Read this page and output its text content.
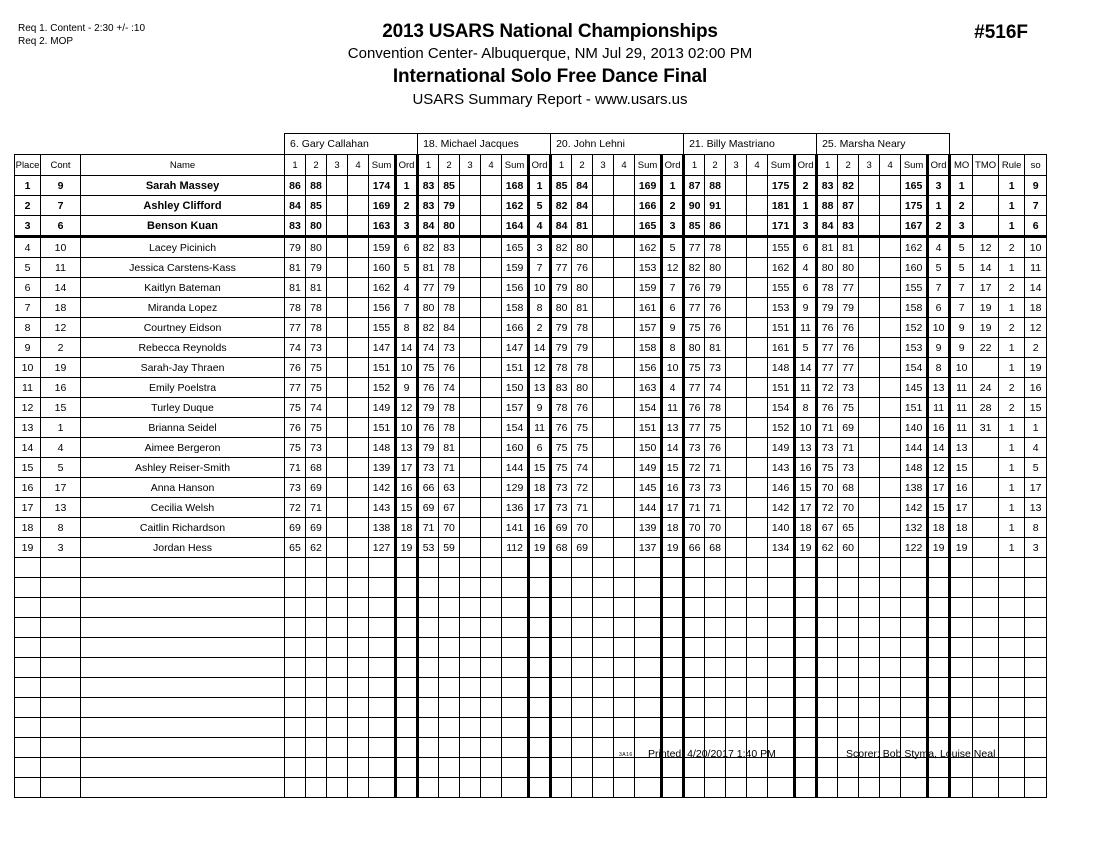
Req 1. Content - 2:30 +/- :10
Req 2. MOP	2013 USARS National Championships
Convention Center- Albuquerque, NM Jul 29, 2013 02:00 PM
International Solo Free Dance Final
USARS Summary Report - www.usars.us
#516F
			6. Gary Callahan						18. Michael Jacques						20. John Lehni						21. Billy Mastriano						25. Marsha Neary									
Place	Cont	Name	1	2	3	4	Sum	Ord	1	2	3	4	Sum	Ord	1	2	3	4	Sum	Ord	1	2	3	4	Sum	Ord	1	2	3	4	Sum	Ord	MO	TMO	Rule	so
1	9	Sarah Massey	86	88			174	1	83	85			168	1	85	84			169	1	87	88			175	2	83	82			165	3	1		1	9
2	7	Ashley Clifford	84	85			169	2	83	79			162	5	82	84			166	2	90	91			181	1	88	87			175	1	2		1	7
3	6	Benson Kuan	83	80			163	3	84	80			164	4	84	81			165	3	85	86			171	3	84	83			167	2	3		1	6
4	10	Lacey Picinich	79	80			159	6	82	83			165	3	82	80			162	5	77	78			155	6	81	81			162	4	5	12	2	10
5	11	Jessica Carstens-Kass	81	79			160	5	81	78			159	7	77	76			153	12	82	80			162	4	80	80			160	5	5	14	1	11
6	14	Kaitlyn Bateman	81	81			162	4	77	79			156	10	79	80			159	7	76	79			155	6	78	77			155	7	7	17	2	14
7	18	Miranda Lopez	78	78			156	7	80	78			158	8	80	81			161	6	77	76			153	9	79	79			158	6	7	19	1	18
8	12	Courtney Eidson	77	78			155	8	82	84			166	2	79	78			157	9	75	76			151	11	76	76			152	10	9	19	2	12
9	2	Rebecca Reynolds	74	73			147	14	74	73			147	14	79	79			158	8	80	81			161	5	77	76			153	9	9	22	1	2
10	19	Sarah-Jay Thraen	76	75			151	10	75	76			151	12	78	78			156	10	75	73			148	14	77	77			154	8	10		1	19
11	16	Emily Poelstra	77	75			152	9	76	74			150	13	83	80			163	4	77	74			151	11	72	73			145	13	11	24	2	16
12	15	Turley Duque	75	74			149	12	79	78			157	9	78	76			154	11	76	78			154	8	76	75			151	11	11	28	2	15
13	1	Brianna Seidel	76	75			151	10	76	78			154	11	76	75			151	13	77	75			152	10	71	69			140	16	11	31	1	1
14	4	Aimee Bergeron	75	73			148	13	79	81			160	6	75	75			150	14	73	76			149	13	73	71			144	14	13		1	4
15	5	Ashley Reiser-Smith	71	68			139	17	73	71			144	15	75	74			149	15	72	71			143	16	75	73			148	12	15		1	5
16	17	Anna Hanson	73	69			142	16	66	63			129	18	73	72			145	16	73	73			146	15	70	68			138	17	16		1	17
17	13	Cecilia Welsh	72	71			143	15	69	67			136	17	73	71			144	17	71	71			142	17	72	70			142	15	17		1	13
18	8	Caitlin Richardson	69	69			138	18	71	70			141	16	69	70			139	18	70	70			140	18	67	65			132	18	18		1	8
19	3	Jordan Hess	65	62			127	19	53	59			112	19	68	69			137	19	66	68			134	19	62	60			122	19	19		1	3

3A16 Printed: 4/20/2017 1:40 PM	Scorer: Bob Styma, Louise Neal
